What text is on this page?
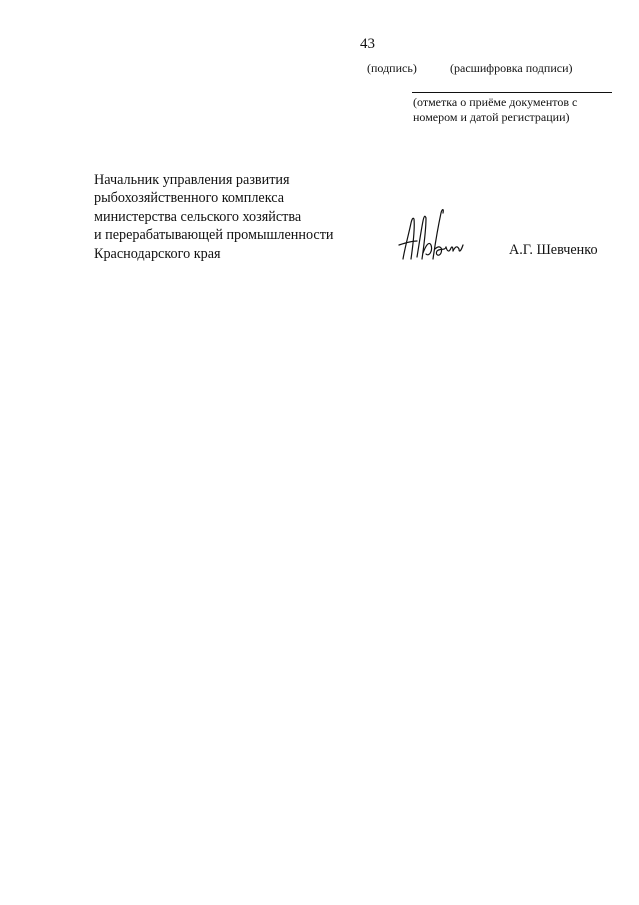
43
(подпись)	(расшифровка подписи)
(отметка о приёме документов с
номером и датой регистрации)
Начальник управления развития
рыбохозяйственного комплекса
министерства сельского хозяйства
и перерабатывающей промышленности
Краснодарского края	А.Г. Шевченко
